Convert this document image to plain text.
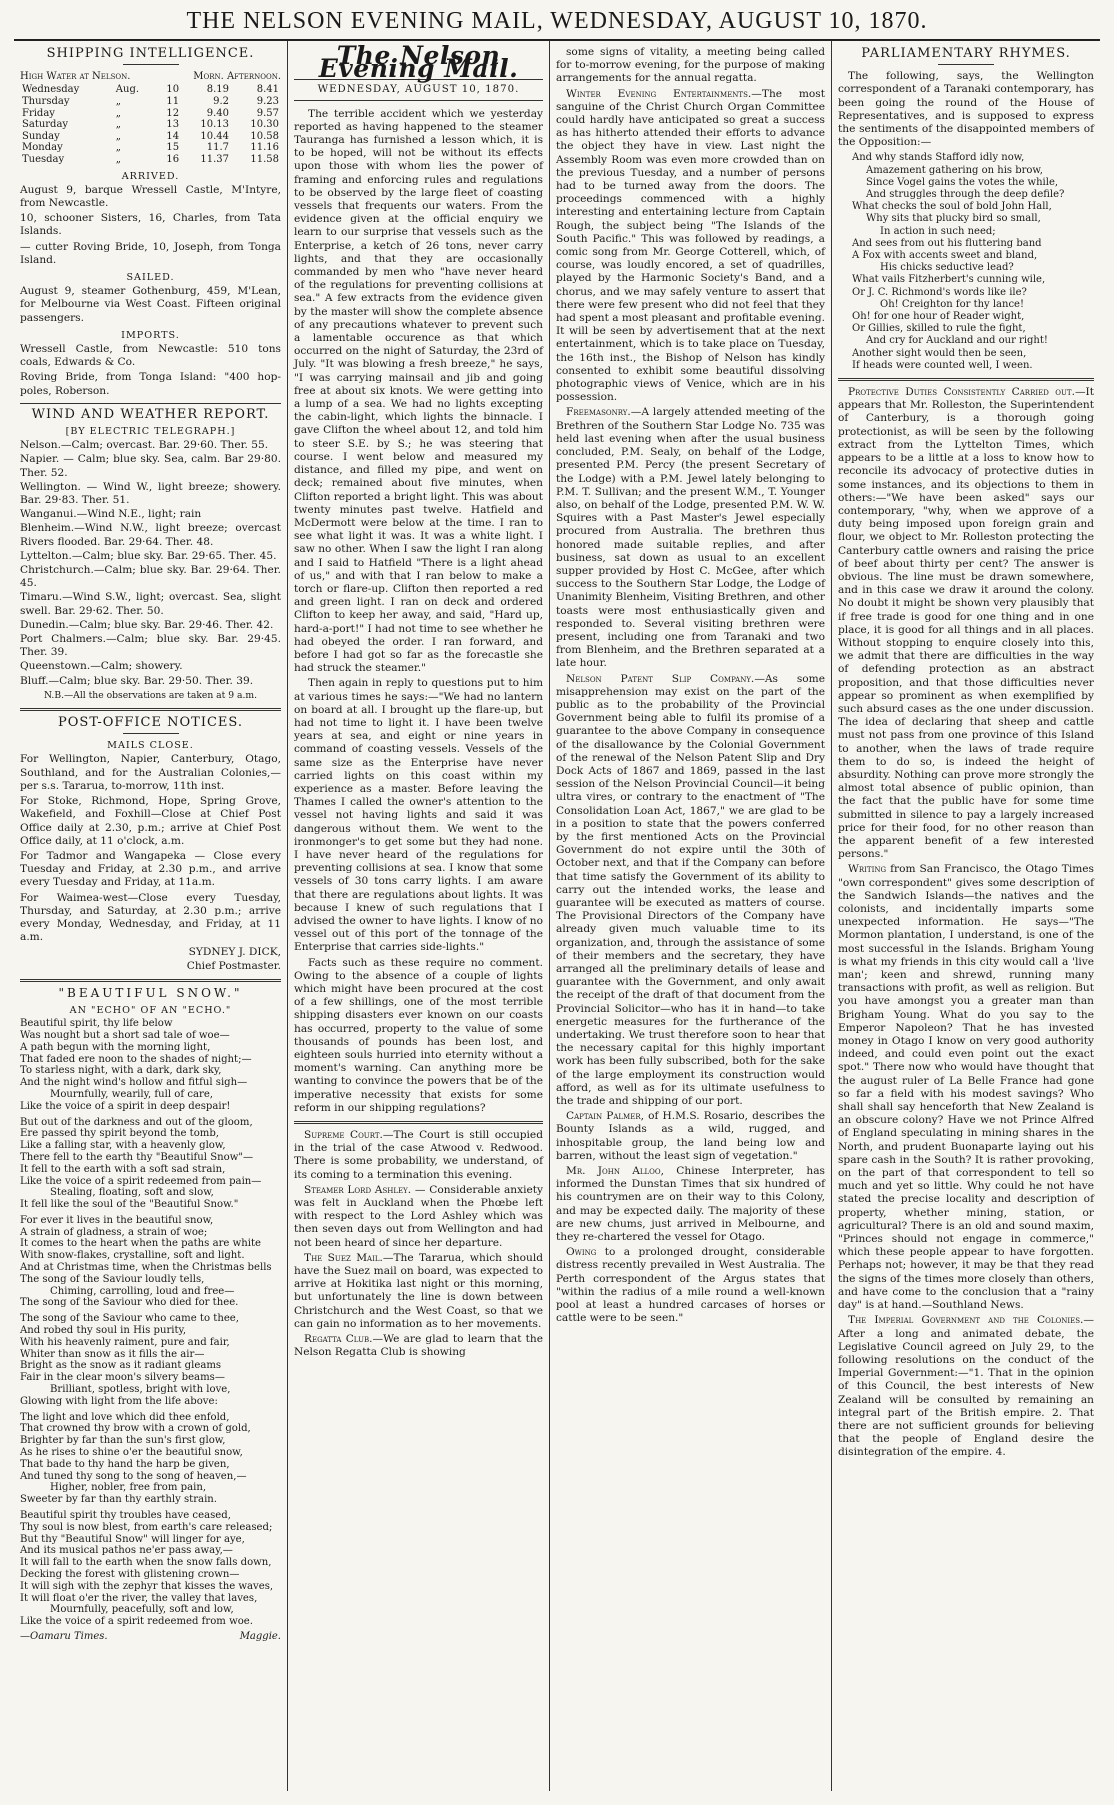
THE NELSON EVENING MAIL, WEDNESDAY, AUGUST 10, 1870.
SHIPPING INTELLIGENCE.
High Water at Nelson.	Morn. Afternoon.
Wednesday	Aug.	10	8.19	8.41
Thursday	„	11	9.2	9.23
Friday	„	12	9.40	9.57
Saturday	„	13	10.13	10.30
Sunday	„	14	10.44	10.58
Monday	„	15	11.7	11.16
Tuesday	„	16	11.37	11.58
ARRIVED.

August 9, barque Wressell Castle, M'Intyre, from Newcastle.

10, schooner Sisters, 16, Charles, from Tata Islands.

— cutter Roving Bride, 10, Joseph, from Tonga Island.

SAILED.

August 9, steamer Gothenburg, 459, M'Lean, for Melbourne via West Coast. Fifteen original passengers.

IMPORTS.

Wressell Castle, from Newcastle: 510 tons coals, Edwards & Co.

Roving Bride, from Tonga Island: "400 hop-poles, Roberson.

WIND AND WEATHER REPORT.
[BY ELECTRIC TELEGRAPH.]

Nelson.—Calm; overcast. Bar. 29·60. Ther. 55.

Napier. — Calm; blue sky. Sea, calm. Bar 29·80. Ther. 52.

Wellington. — Wind W., light breeze; showery. Bar. 29·83. Ther. 51.

Wanganui.—Wind N.E., light; rain

Blenheim.—Wind N.W., light breeze; overcast Rivers flooded. Bar. 29·64. Ther. 48.

Lyttelton.—Calm; blue sky. Bar. 29·65. Ther. 45.

Christchurch.—Calm; blue sky. Bar. 29·64. Ther. 45.

Timaru.—Wind S.W., light; overcast. Sea, slight swell. Bar. 29·62. Ther. 50.

Dunedin.—Calm; blue sky. Bar. 29·46. Ther. 42.

Port Chalmers.—Calm; blue sky. Bar. 29·45. Ther. 39.

Queenstown.—Calm; showery.

Bluff.—Calm; blue sky. Bar. 29·50. Ther. 39.

N.B.—All the observations are taken at 9 a.m.
POST-OFFICE NOTICES.
MAILS CLOSE.

For Wellington, Napier, Canterbury, Otago, Southland, and for the Australian Colonies,— per s.s. Tararua, to-morrow, 11th inst.

For Stoke, Richmond, Hope, Spring Grove, Wakefield, and Foxhill—Close at Chief Post Office daily at 2.30, p.m.; arrive at Chief Post Office daily, at 11 o'clock, a.m.

For Tadmor and Wangapeka — Close every Tuesday and Friday, at 2.30 p.m., and arrive every Tuesday and Friday, at 11a.m.

For Waimea-west—Close every Tuesday, Thursday, and Saturday, at 2.30 p.m.; arrive every Monday, Wednesday, and Friday, at 11 a.m.

SYDNEY J. DICK,

Chief Postmaster.

"BEAUTIFUL SNOW."
AN "ECHO" OF AN "ECHO."
Beautiful spirit, thy life below
Was nought but a short sad tale of woe—
A path begun with the morning light,
That faded ere noon to the shades of night;—
To starless night, with a dark, dark sky,
And the night wind's hollow and fitful sigh—
Mournfully, wearily, full of care,
Like the voice of a spirit in deep despair!
But out of the darkness and out of the gloom,
Ere passed thy spirit beyond the tomb,
Like a falling star, with a heavenly glow,
There fell to the earth thy "Beautiful Snow"—
It fell to the earth with a soft sad strain,
Like the voice of a spirit redeemed from pain—
Stealing, floating, soft and slow,
It fell like the soul of the "Beautiful Snow."
For ever it lives in the beautiful snow,
A strain of gladness, a strain of woe;
It comes to the heart when the paths are white
With snow-flakes, crystalline, soft and light.
And at Christmas time, when the Christmas bells
The song of the Saviour loudly tells,
Chiming, carrolling, loud and free—
The song of the Saviour who died for thee.
The song of the Saviour who came to thee,
And robed thy soul in His purity,
With his heavenly raiment, pure and fair,
Whiter than snow as it fills the air—
Bright as the snow as it radiant gleams
Fair in the clear moon's silvery beams—
Brilliant, spotless, bright with love,
Glowing with light from the life above:
The light and love which did thee enfold,
That crowned thy brow with a crown of gold,
Brighter by far than the sun's first glow,
As he rises to shine o'er the beautiful snow,
That bade to thy hand the harp be given,
And tuned thy song to the song of heaven,—
Higher, nobler, free from pain,
Sweeter by far than thy earthly strain.
Beautiful spirit thy troubles have ceased,
Thy soul is now blest, from earth's care released;
But thy "Beautiful Snow" will linger for aye,
And its musical pathos ne'er pass away,—
It will fall to the earth when the snow falls down,
Decking the forest with glistening crown—
It will sigh with the zephyr that kisses the waves,
It will float o'er the river, the valley that laves,
Mournfully, peacefully, soft and low,
Like the voice of a spirit redeemed from woe.
—Oamaru Times.	Maggie.
The Nelson Evening Mail.
WEDNESDAY, AUGUST 10, 1870.

The terrible accident which we yesterday reported as having happened to the steamer Tauranga has furnished a lesson which, it is to be hoped, will not be without its effects upon those with whom lies the power of framing and enforcing rules and regulations to be observed by the large fleet of coasting vessels that frequents our waters. From the evidence given at the official enquiry we learn to our surprise that vessels such as the Enterprise, a ketch of 26 tons, never carry lights, and that they are occasionally commanded by men who "have never heard of the regulations for preventing collisions at sea." A few extracts from the evidence given by the master will show the complete absence of any precautions whatever to prevent such a lamentable occurence as that which occurred on the night of Saturday, the 23rd of July. "It was blowing a fresh breeze," he says, "I was carrying mainsail and jib and going free at about six knots. We were getting into a lump of a sea. We had no lights excepting the cabin-light, which lights the binnacle. I gave Clifton the wheel about 12, and told him to steer S.E. by S.; he was steering that course. I went below and measured my distance, and filled my pipe, and went on deck; remained about five minutes, when Clifton reported a bright light. This was about twenty minutes past twelve. Hatfield and McDermott were below at the time. I ran to see what light it was. It was a white light. I saw no other. When I saw the light I ran along and I said to Hatfield "There is a light ahead of us," and with that I ran below to make a torch or flare-up. Clifton then reported a red and green light. I ran on deck and ordered Clifton to keep her away, and said, "Hard up, hard-a-port!" I had not time to see whether he had obeyed the order. I ran forward, and before I had got so far as the forecastle she had struck the steamer."

Then again in reply to questions put to him at various times he says:—"We had no lantern on board at all. I brought up the flare-up, but had not time to light it. I have been twelve years at sea, and eight or nine years in command of coasting vessels. Vessels of the same size as the Enterprise have never carried lights on this coast within my experience as a master. Before leaving the Thames I called the owner's attention to the vessel not having lights and said it was dangerous without them. We went to the ironmonger's to get some but they had none. I have never heard of the regulations for preventing collisions at sea. I know that some vessels of 30 tons carry lights. I am aware that there are regulations about lights. It was because I knew of such regulations that I advised the owner to have lights. I know of no vessel out of this port of the tonnage of the Enterprise that carries side-lights."

Facts such as these require no comment. Owing to the absence of a couple of lights which might have been procured at the cost of a few shillings, one of the most terrible shipping disasters ever known on our coasts has occurred, property to the value of some thousands of pounds has been lost, and eighteen souls hurried into eternity without a moment's warning. Can anything more be wanting to convince the powers that be of the imperative necessity that exists for some reform in our shipping regulations?

Supreme Court.—The Court is still occupied in the trial of the case Atwood v. Redwood. There is some probability, we understand, of its coming to a termination this evening.

Steamer Lord Ashley. — Considerable anxiety was felt in Auckland when the Phœbe left with respect to the Lord Ashley which was then seven days out from Wellington and had not been heard of since her departure.

The Suez Mail.—The Tararua, which should have the Suez mail on board, was expected to arrive at Hokitika last night or this morning, but unfortunately the line is down between Christchurch and the West Coast, so that we can gain no information as to her movements.

Regatta Club.—We are glad to learn that the Nelson Regatta Club is showing

some signs of vitality, a meeting being called for to-morrow evening, for the purpose of making arrangements for the annual regatta.

Winter Evening Entertainments.—The most sanguine of the Christ Church Organ Committee could hardly have anticipated so great a success as has hitherto attended their efforts to advance the object they have in view. Last night the Assembly Room was even more crowded than on the previous Tuesday, and a number of persons had to be turned away from the doors. The proceedings commenced with a highly interesting and entertaining lecture from Captain Rough, the subject being "The Islands of the South Pacific." This was followed by readings, a comic song from Mr. George Cotterell, which, of course, was loudly encored, a set of quadrilles, played by the Harmonic Society's Band, and a chorus, and we may safely venture to assert that there were few present who did not feel that they had spent a most pleasant and profitable evening. It will be seen by advertisement that at the next entertainment, which is to take place on Tuesday, the 16th inst., the Bishop of Nelson has kindly consented to exhibit some beautiful dissolving photographic views of Venice, which are in his possession.

Freemasonry.—A largely attended meeting of the Brethren of the Southern Star Lodge No. 735 was held last evening when after the usual business concluded, P.M. Sealy, on behalf of the Lodge, presented P.M. Percy (the present Secretary of the Lodge) with a P.M. Jewel lately belonging to P.M. T. Sullivan; and the present W.M., T. Younger also, on behalf of the Lodge, presented P.M. W. W. Squires with a Past Master's Jewel especially procured from Australia. The brethren thus honored made suitable replies, and after business, sat down as usual to an excellent supper provided by Host C. McGee, after which success to the Southern Star Lodge, the Lodge of Unanimity Blenheim, Visiting Brethren, and other toasts were most enthusiastically given and responded to. Several visiting brethren were present, including one from Taranaki and two from Blenheim, and the Brethren separated at a late hour.

Nelson Patent Slip Company.—As some misapprehension may exist on the part of the public as to the probability of the Provincial Government being able to fulfil its promise of a guarantee to the above Company in consequence of the disallowance by the Colonial Government of the renewal of the Nelson Patent Slip and Dry Dock Acts of 1867 and 1869, passed in the last session of the Nelson Provincial Council—it being ultra vires, or contrary to the enactment of "The Consolidation Loan Act, 1867," we are glad to be in a position to state that the powers conferred by the first mentioned Acts on the Provincial Government do not expire until the 30th of October next, and that if the Company can before that time satisfy the Government of its ability to carry out the intended works, the lease and guarantee will be executed as matters of course. The Provisional Directors of the Company have already given much valuable time to its organization, and, through the assistance of some of their members and the secretary, they have arranged all the preliminary details of lease and guarantee with the Government, and only await the receipt of the draft of that document from the Provincial Solicitor—who has it in hand—to take energetic measures for the furtherance of the undertaking. We trust therefore soon to hear that the necessary capital for this highly important work has been fully subscribed, both for the sake of the large employment its construction would afford, as well as for its ultimate usefulness to the trade and shipping of our port.

Captain Palmer, of H.M.S. Rosario, describes the Bounty Islands as a wild, rugged, and inhospitable group, the land being low and barren, without the least sign of vegetation."

Mr. John Alloo, Chinese Interpreter, has informed the Dunstan Times that six hundred of his countrymen are on their way to this Colony, and may be expected daily. The majority of these are new chums, just arrived in Melbourne, and they re-chartered the vessel for Otago.

Owing to a prolonged drought, considerable distress recently prevailed in West Australia. The Perth correspondent of the Argus states that "within the radius of a mile round a well-known pool at least a hundred carcases of horses or cattle were to be seen."

PARLIAMENTARY RHYMES.

The following, says, the Wellington correspondent of a Taranaki contemporary, has been going the round of the House of Representatives, and is supposed to express the sentiments of the disappointed members of the Opposition:—

And why stands Stafford idly now,
Amazement gathering on his brow,
Since Vogel gains the votes the while,
And struggles through the deep defile?
What checks the soul of bold John Hall,
Why sits that plucky bird so small,
In action in such need;
And sees from out his fluttering band
A Fox with accents sweet and bland,
His chicks seductive lead?
What vails Fitzherbert's cunning wile,
Or J. C. Richmond's words like ile?
Oh! Creighton for thy lance!
Oh! for one hour of Reader wight,
Or Gillies, skilled to rule the fight,
And cry for Auckland and our right!
Another sight would then be seen,
If heads were counted well, I ween.

Protective Duties Consistently Carried out.—It appears that Mr. Rolleston, the Superintendent of Canterbury, is a thorough going protectionist, as will be seen by the following extract from the Lyttelton Times, which appears to be a little at a loss to know how to reconcile its advocacy of protective duties in some instances, and its objections to them in others:—"We have been asked" says our contemporary, "why, when we approve of a duty being imposed upon foreign grain and flour, we object to Mr. Rolleston protecting the Canterbury cattle owners and raising the price of beef about thirty per cent? The answer is obvious. The line must be drawn somewhere, and in this case we draw it around the colony. No doubt it might be shown very plausibly that if free trade is good for one thing and in one place, it is good for all things and in all places. Without stopping to enquire closely into this, we admit that there are difficulties in the way of defending protection as an abstract proposition, and that those difficulties never appear so prominent as when exemplified by such absurd cases as the one under discussion. The idea of declaring that sheep and cattle must not pass from one province of this Island to another, when the laws of trade require them to do so, is indeed the height of absurdity. Nothing can prove more strongly the almost total absence of public opinion, than the fact that the public have for some time submitted in silence to pay a largely increased price for their food, for no other reason than the apparent benefit of a few interested persons."

Writing from San Francisco, the Otago Times "own correspondent" gives some description of the Sandwich Islands—the natives and the colonists, and incidentally imparts some unexpected information. He says—"The Mormon plantation, I understand, is one of the most successful in the Islands. Brigham Young is what my friends in this city would call a 'live man'; keen and shrewd, running many transactions with profit, as well as religion. But you have amongst you a greater man than Brigham Young. What do you say to the Emperor Napoleon? That he has invested money in Otago I know on very good authority indeed, and could even point out the exact spot." There now who would have thought that the august ruler of La Belle France had gone so far a field with his modest savings? Who shall shall say henceforth that New Zealand is an obscure colony? Have we not Prince Alfred of England speculating in mining shares in the North, and prudent Buonaparte laying out his spare cash in the South? It is rather provoking, on the part of that correspondent to tell so much and yet so little. Why could he not have stated the precise locality and description of property, whether mining, station, or agricultural? There is an old and sound maxim, "Princes should not engage in commerce," which these people appear to have forgotten. Perhaps not; however, it may be that they read the signs of the times more closely than others, and have come to the conclusion that a "rainy day" is at hand.—Southland News.

The Imperial Government and the Colonies.—After a long and animated debate, the Legislative Council agreed on July 29, to the following resolutions on the conduct of the Imperial Government:—"1. That in the opinion of this Council, the best interests of New Zealand will be consulted by remaining an integral part of the British empire. 2. That there are not sufficient grounds for believing that the people of England desire the disintegration of the empire. 4.
